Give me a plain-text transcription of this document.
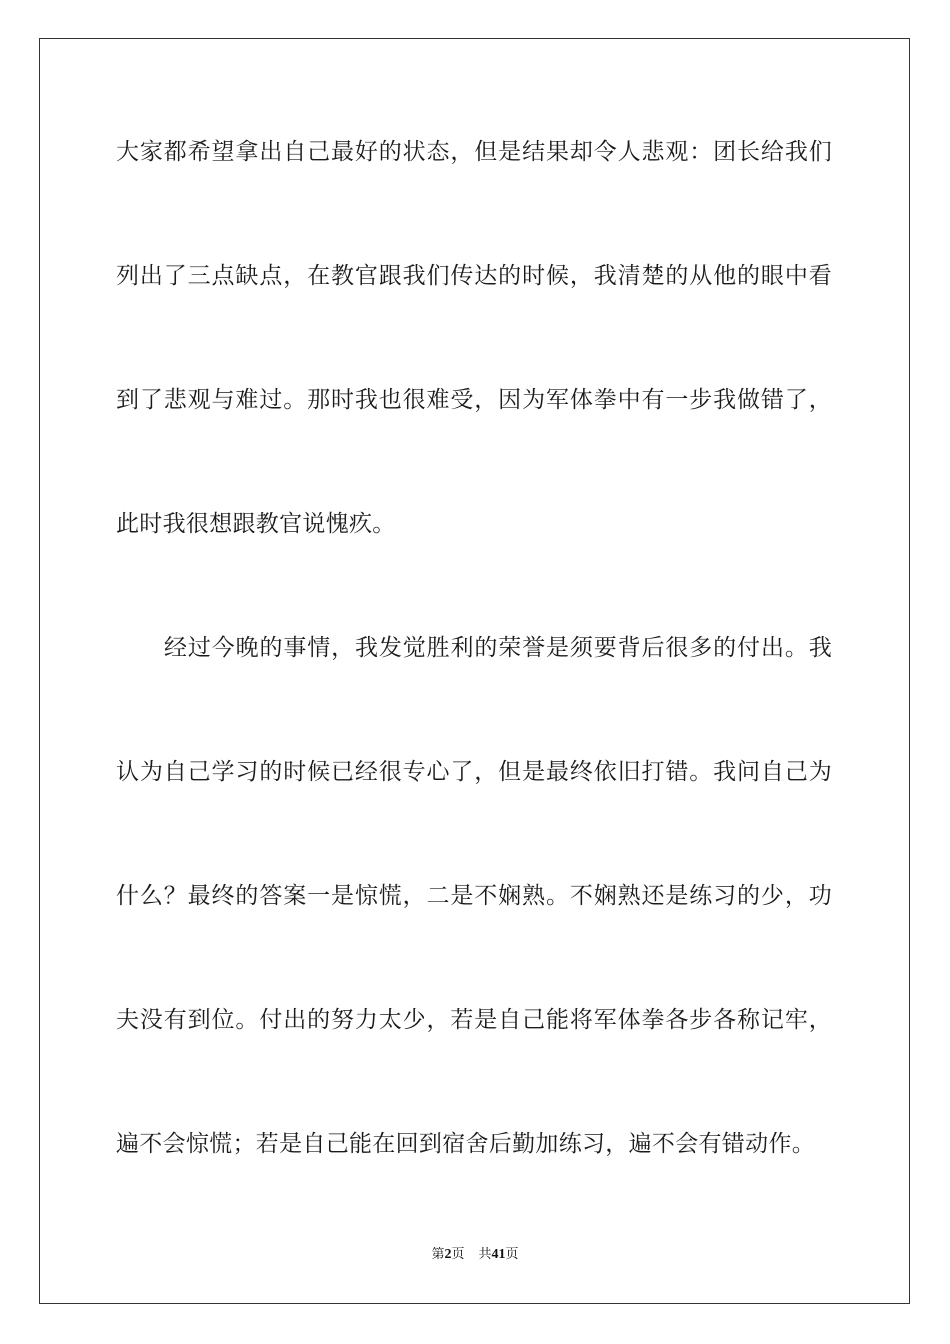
大家都希望拿出自己最好的状态，但是结果却令人悲观：团长给我们
列出了三点缺点，在教官跟我们传达的时候，我清楚的从他的眼中看
到了悲观与难过。那时我也很难受，因为军体拳中有一步我做错了，
此时我很想跟教官说愧疚。
经过今晚的事情，我发觉胜利的荣誉是须要背后很多的付出。我
认为自己学习的时候已经很专心了，但是最终依旧打错。我问自己为
什么？最终的答案一是惊慌，二是不娴熟。不娴熟还是练习的少，功
夫没有到位。付出的努力太少，若是自己能将军体拳各步各称记牢，
遍不会惊慌；若是自己能在回到宿舍后勤加练习，遍不会有错动作。
第2页 共41页
